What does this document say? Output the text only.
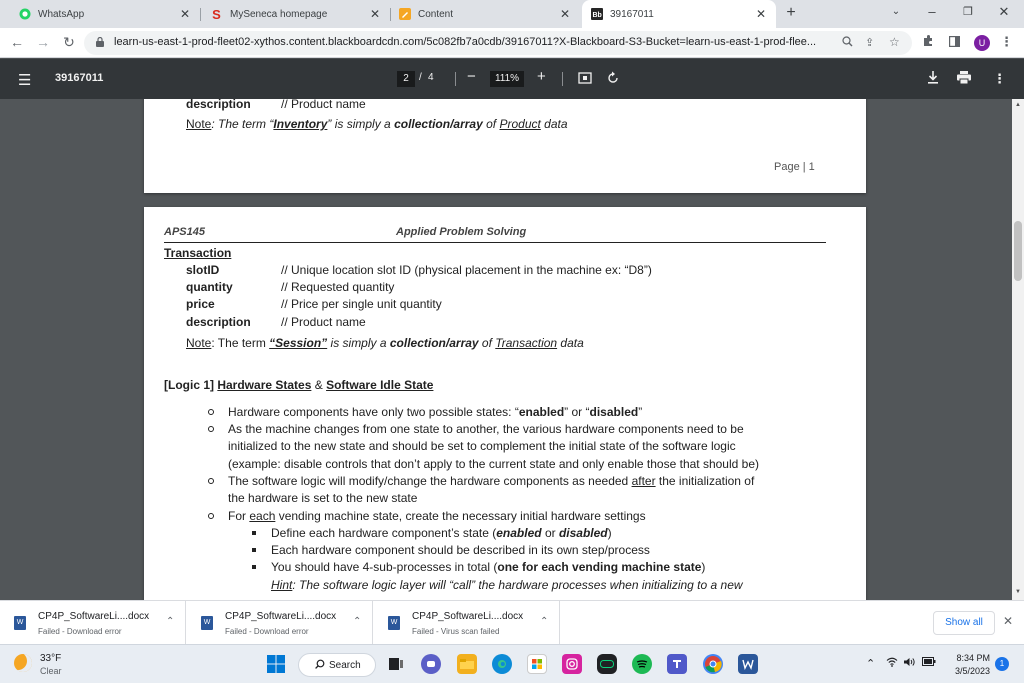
WhatsApp	✕ S MySeneca homepage	✕	Content	✕	Bb 39167011	✕	+	⌄	–	❐	✕
← → ↻	learn-us-east-1-prod-fleet02-xythos.content.blackboardcdn.com/5c082fb7a0cdb/39167011?X-Blackboard-S3-Bucket=learn-us-east-1-prod-flee...	⇪ ☆	⋮
U
☰ 39167011	2	/ 4 −	111%	+	⋮
description	// Product name
Note: The term “Inventory” is simply a collection/array of Product data
Page | 1
APS145	Applied Problem Solving
Transaction
slotID	// Unique location slot ID (physical placement in the machine ex: “D8”)
quantity	// Requested quantity
price	// Price per single unit quantity
description	// Product name
Note: The term “Session” is simply a collection/array of Transaction data
[Logic 1] Hardware States & Software Idle State
Hardware components have only two possible states: “enabled” or “disabled”
As the machine changes from one state to another, the various hardware components need to be
initialized to the new state and should be set to complement the initial state of the software logic
(example: disable controls that don’t apply to the current state and only enable those that should be)
The software logic will modify/change the hardware components as needed after the initialization of
the hardware is set to the new state
For each vending machine state, create the necessary initial hardware settings
Define each hardware component’s state (enabled or disabled)
Each hardware component should be described in its own step/process
You should have 4-sub-processes in total (one for each vending machine state)
Hint: The software logic layer will “call” the hardware processes when initializing to a new
▲
▼
W
CP4P_SoftwareLi....docx
Failed - Download error
⌃	W
CP4P_SoftwareLi....docx
Failed - Download error
⌃	W
CP4P_SoftwareLi....docx
Failed - Virus scan failed
⌃	Show all	✕
33°F
Clear	Search	⌃	8:34 PM
3/5/2023
1
